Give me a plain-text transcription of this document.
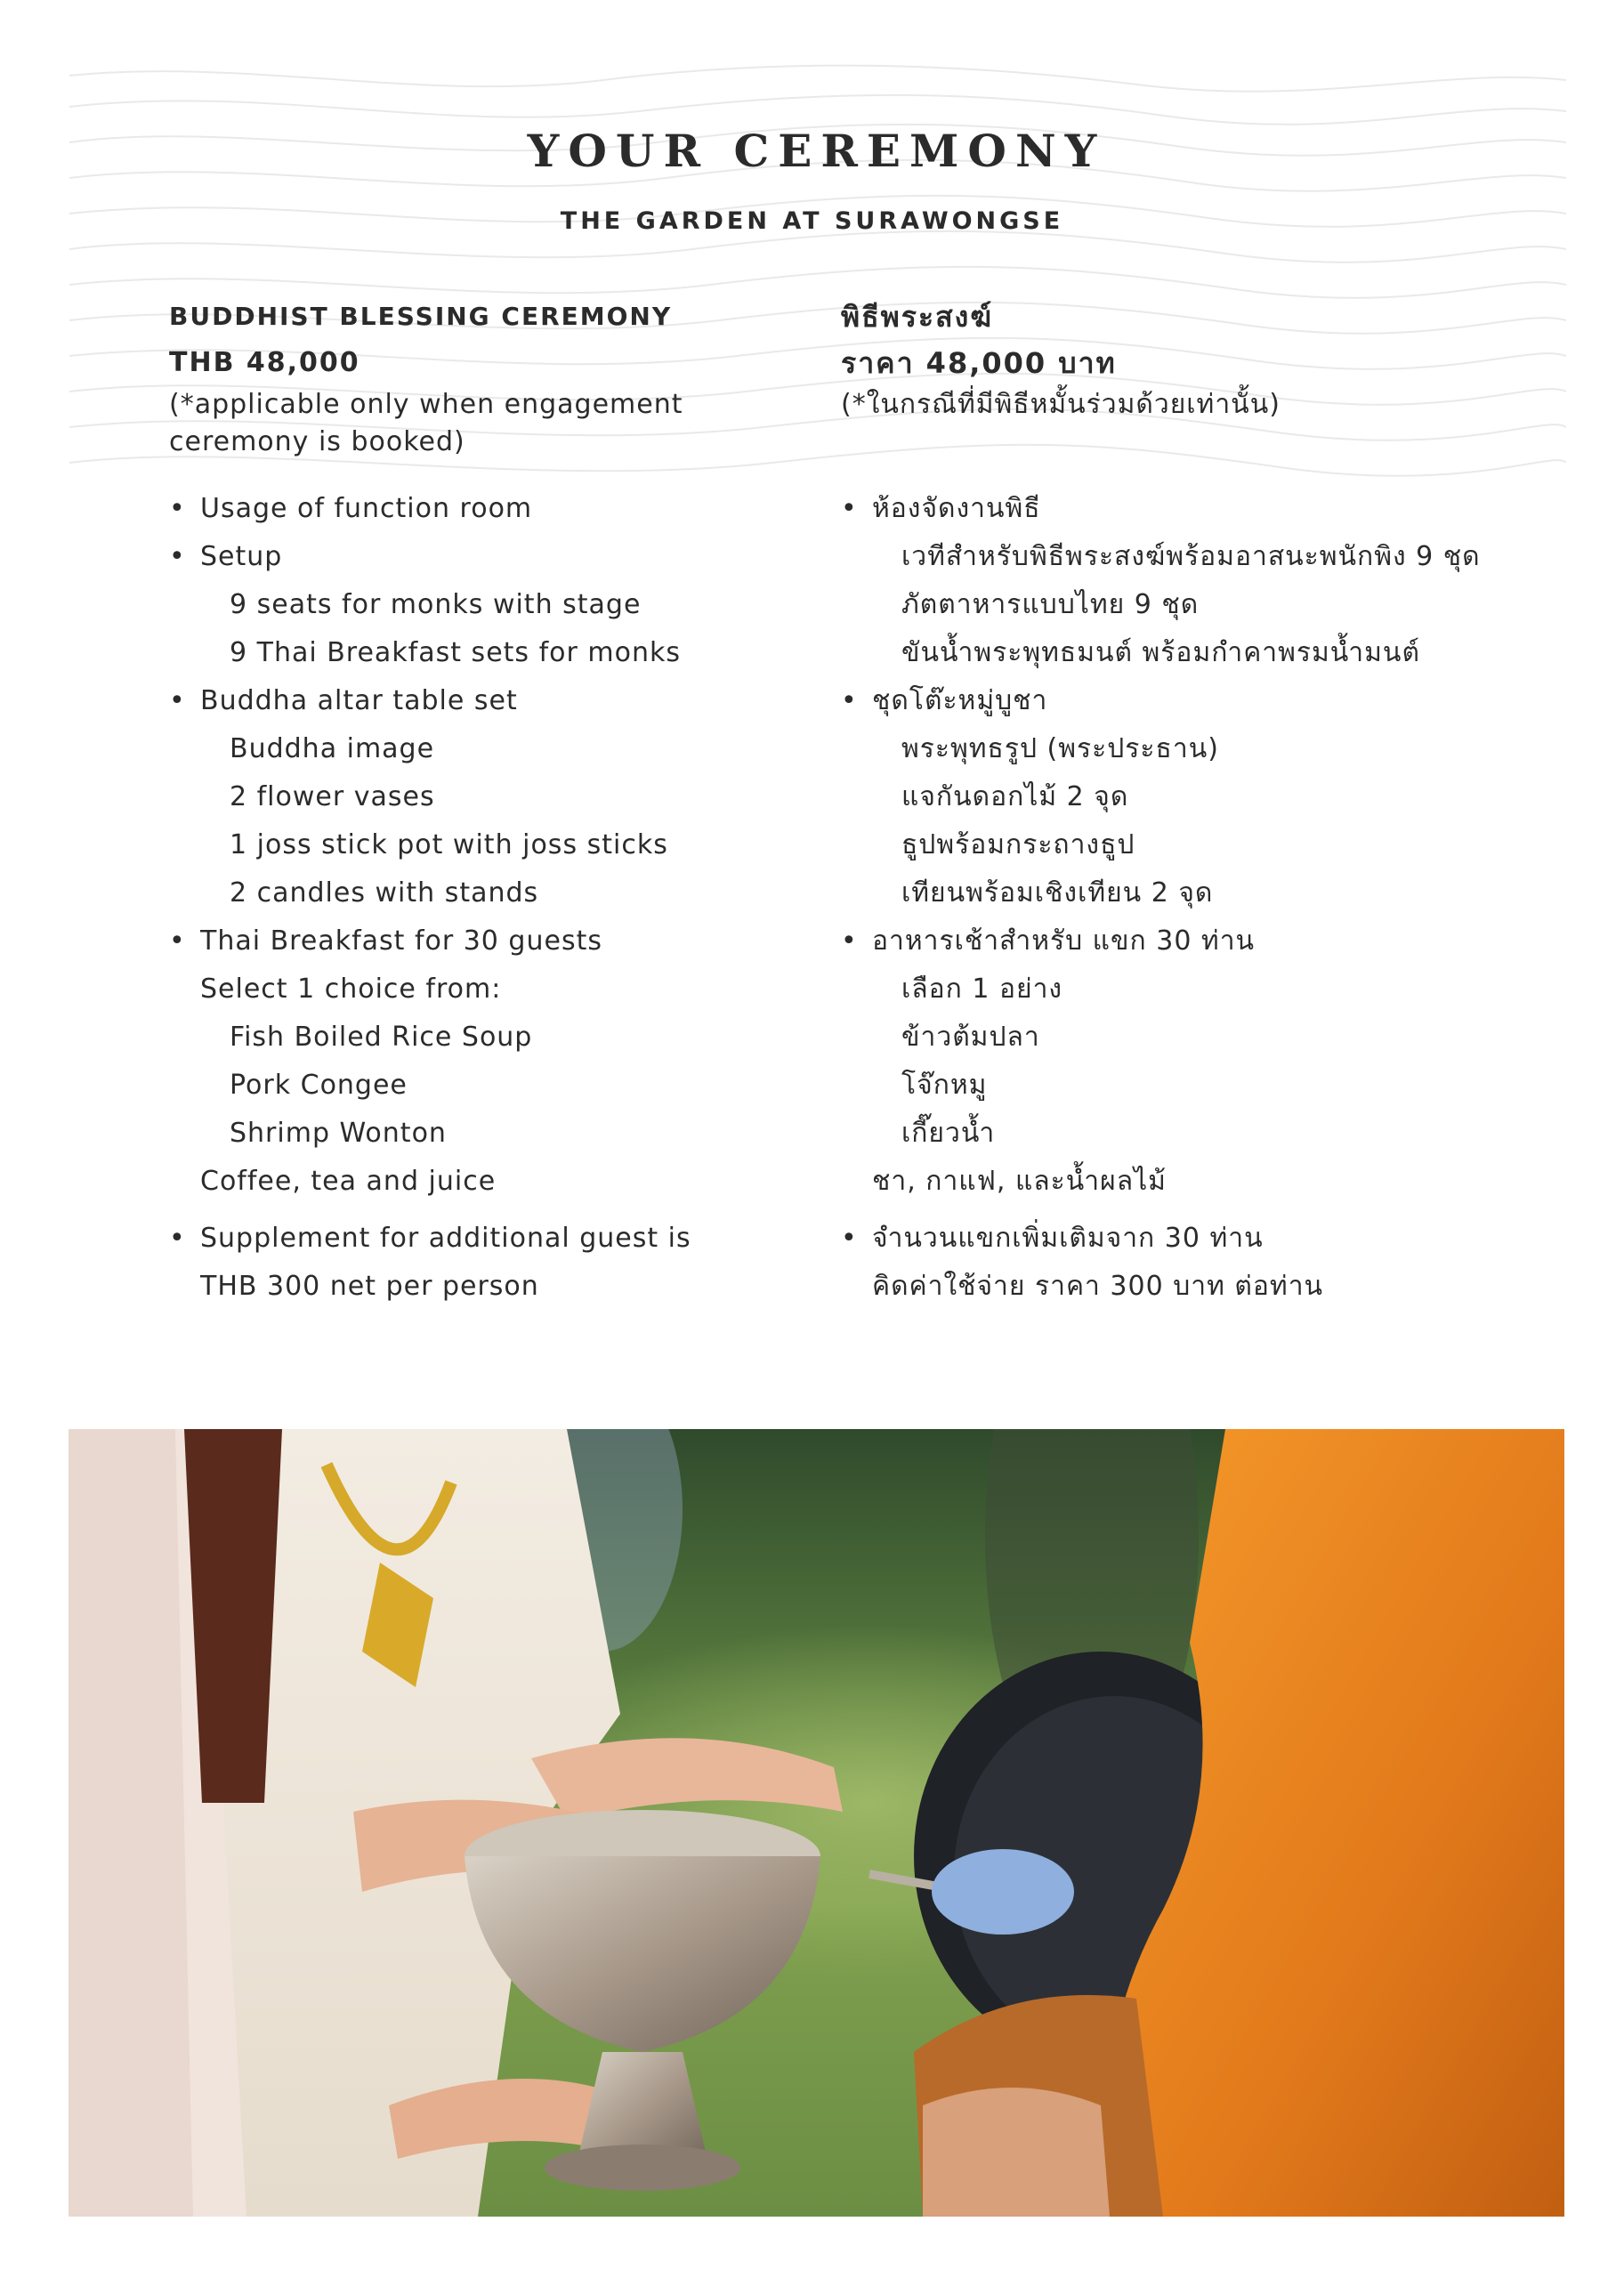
YOUR CEREMONY
THE GARDEN AT SURAWONGSE
BUDDHIST BLESSING CEREMONY
THB 48,000
(*applicable only when engagement
ceremony is booked)
พิธีพระสงฆ์
ราคา 48,000 บาท
(*ในกรณีที่มีพิธีหมั้นร่วมด้วยเท่านั้น)
• Usage of function room
• Setup
9 seats for monks with stage
9 Thai Breakfast sets for monks
• Buddha altar table set
Buddha image
2 flower vases
1 joss stick pot with joss sticks
2 candles with stands
• Thai Breakfast for 30 guests
Select 1 choice from:
Fish Boiled Rice Soup
Pork Congee
Shrimp Wonton
Coffee, tea and juice
• Supplement for additional guest is
THB 300 net per person
• ห้องจัดงานพิธี
เวทีสำหรับพิธีพระสงฆ์พร้อมอาสนะพนักพิง 9 ชุด
ภัตตาหารแบบไทย 9 ชุด
ขันน้ำพระพุทธมนต์ พร้อมกำคาพรมน้ำมนต์
• ชุดโต๊ะหมู่บูชา
พระพุทธรูป (พระประธาน)
แจกันดอกไม้ 2 จุด
ธูปพร้อมกระถางธูป
เทียนพร้อมเชิงเทียน 2 จุด
• อาหารเช้าสำหรับ แขก 30 ท่าน
เลือก 1 อย่าง
ข้าวต้มปลา
โจ๊กหมู
เกี๊ยวน้ำ
ชา, กาแฟ, และน้ำผลไม้
• จำนวนแขกเพิ่มเติมจาก 30 ท่าน
คิดค่าใช้จ่าย ราคา 300 บาท ต่อท่าน
